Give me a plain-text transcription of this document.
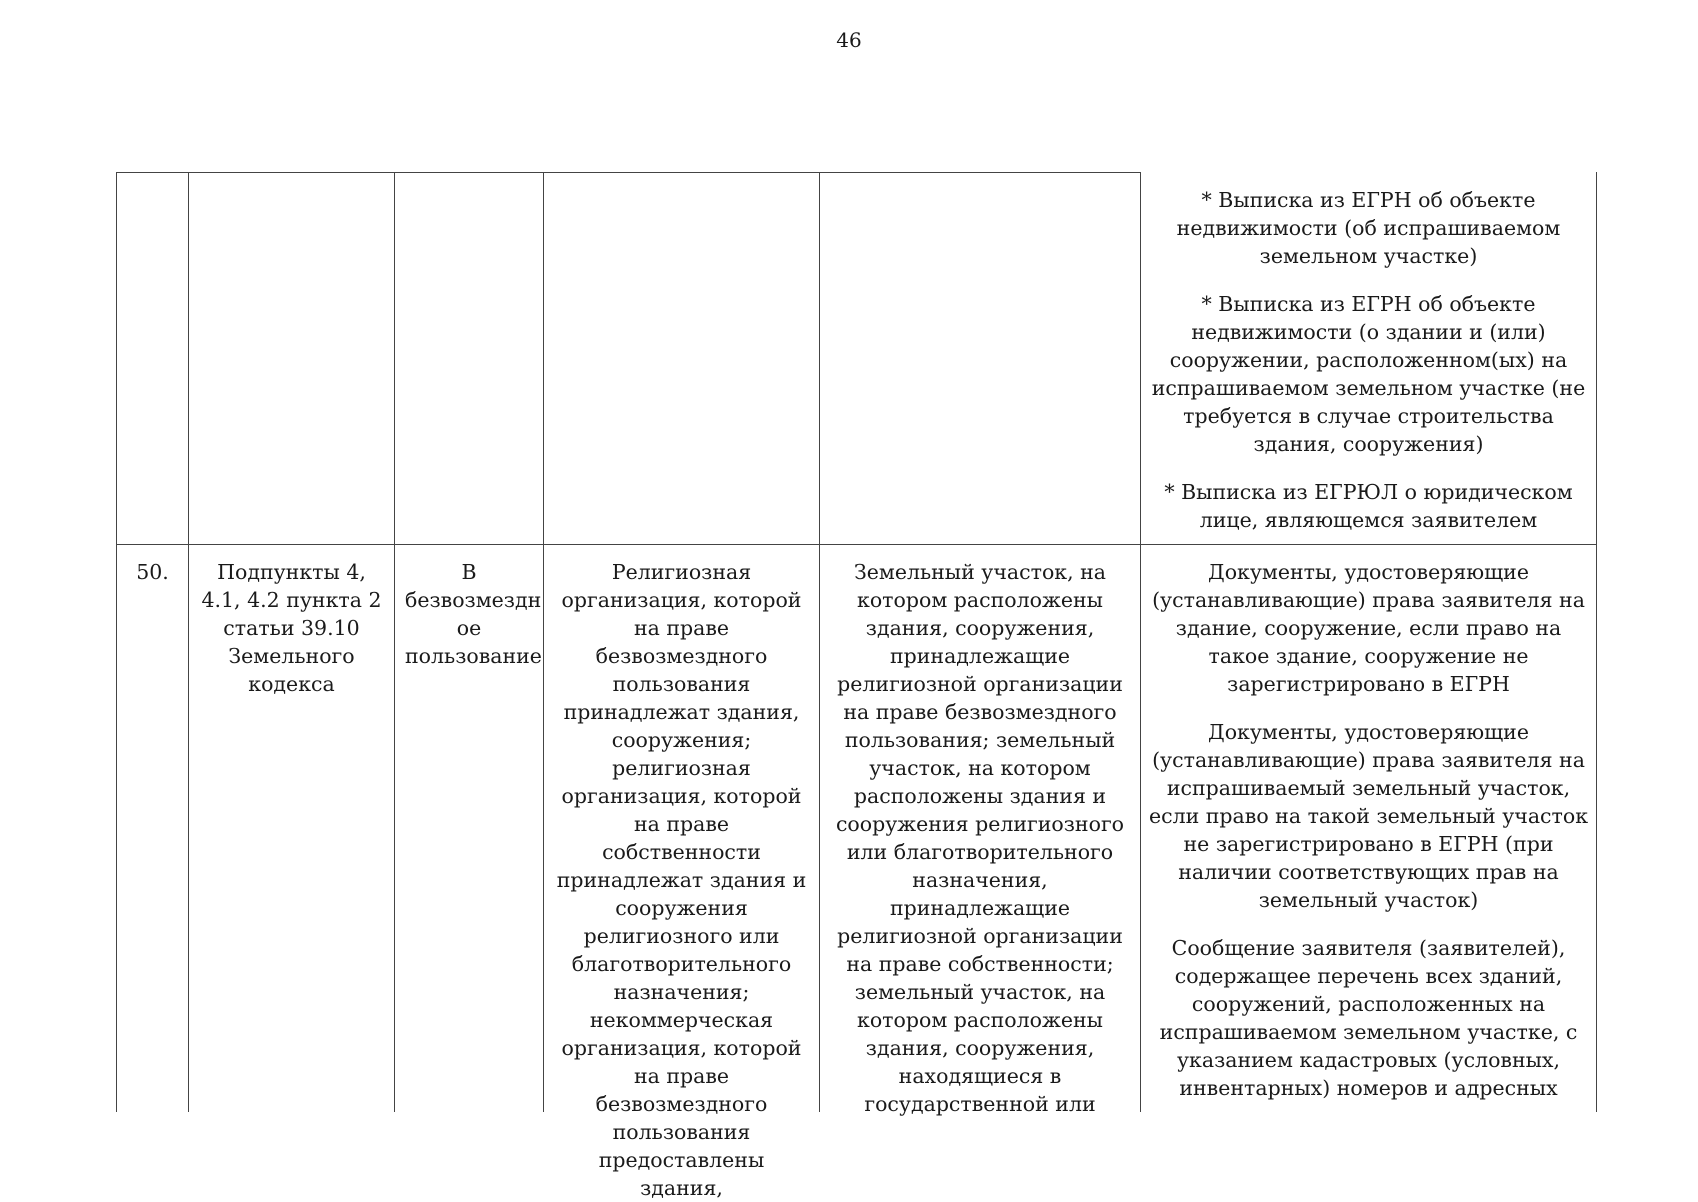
46

* Выписка из ЕГРН об объекте недвижимости (об испрашиваемом земельном участке)

* Выписка из ЕГРН об объекте недвижимости (о здании и (или) сооружении, расположенном(ых) на испрашиваемом земельном участке (не требуется в случае строительства здания, сооружения)

* Выписка из ЕГРЮЛ о юридическом лице, являющемся заявителем

50.	Подпункты 4, 4.1, 4.2 пункта 2 статьи 39.10 Земельного кодекса
В безвозмездн ое пользование
Религиозная организация, которой на праве безвозмездного пользования принадлежат здания, сооружения; религиозная организация, которой на праве собственности принадлежат здания и сооружения религиозного или благотворительного назначения; некоммерческая организация, которой на праве безвозмездного пользования предоставлены здания,
Земельный участок, на котором расположены здания, сооружения, принадлежащие религиозной организации на праве безвозмездного пользования; земельный участок, на котором расположены здания и сооружения религиозного или благотворительного назначения, принадлежащие религиозной организации на праве собственности; земельный участок, на котором расположены здания, сооружения, находящиеся в государственной или

Документы, удостоверяющие (устанавливающие) права заявителя на здание, сооружение, если право на такое здание, сооружение не зарегистрировано в ЕГРН

Документы, удостоверяющие (устанавливающие) права заявителя на испрашиваемый земельный участок, если право на такой земельный участок не зарегистрировано в ЕГРН (при наличии соответствующих прав на земельный участок)

Сообщение заявителя (заявителей), содержащее перечень всех зданий, сооружений, расположенных на испрашиваемом земельном участке, с указанием кадастровых (условных, инвентарных) номеров и адресных
